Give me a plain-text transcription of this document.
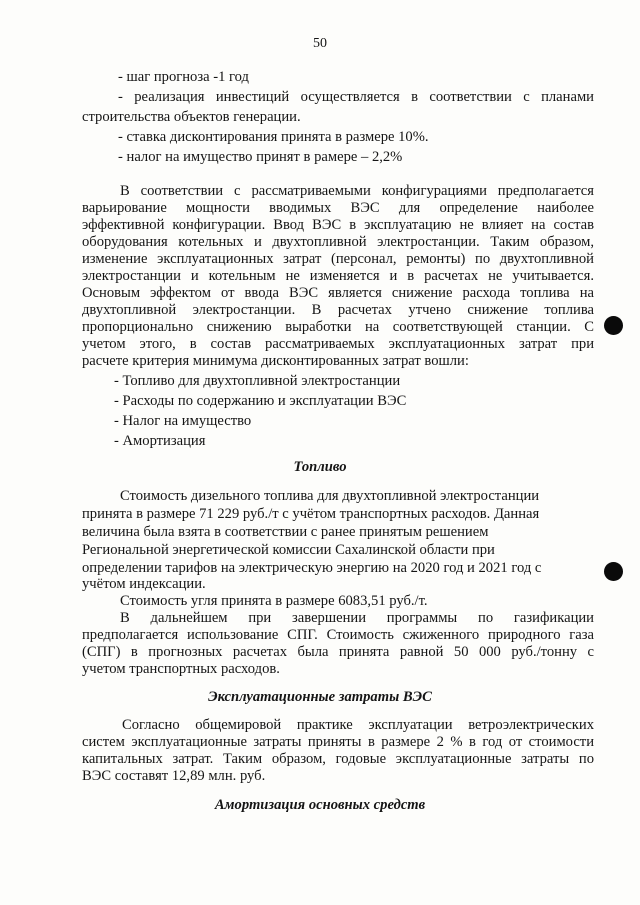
50
- шаг прогноза -1 год
- реализация инвестиций осуществляется в соответствии с планами
строительства объектов генерации.
- ставка дисконтирования принята в размере 10%.
- налог на имущество принят в рамере – 2,2%
В соответствии с рассматриваемыми конфигурациями предполагается
варьирование мощности вводимых ВЭС для определение наиболее
эффективной конфигурации. Ввод ВЭС в эксплуатацию не влияет на состав
оборудования котельных и двухтопливной электростанции. Таким образом,
изменение эксплуатационных затрат (персонал, ремонты) по двухтопливной
электростанции и котельным не изменяется и в расчетах не учитывается.
Основым эффектом от ввода ВЭС является снижение расхода топлива на
двухтопливной электростанции. В расчетах утчено снижение топлива
пропорционально снижению выработки на соответствующей станции. С
учетом этого, в состав рассматриваемых эксплуатационных затрат при
расчете критерия минимума дисконтированных затрат вошли:
- Топливо для двухтопливной электростанции
- Расходы по содержанию и эксплуатации ВЭС
- Налог на имущество
- Амортизация
Топливо
Стоимость дизельного топлива для двухтопливной электростанции
принята в размере 71 229 руб./т с учётом транспортных расходов. Данная
величина была взята в соответствии с ранее принятым решением
Региональной энергетической комиссии Сахалинской области при
определении тарифов на электрическую энергию на 2020 год и 2021 год с
учётом индексации.
Стоимость угля принята в размере 6083,51 руб./т.
В дальнейшем при завершении программы по газификации
предполагается использование СПГ. Стоимость сжиженного природного газа
(СПГ) в прогнозных расчетах была принята равной 50 000 руб./тонну с
учетом транспортных расходов.
Эксплуатационные затраты ВЭС
Согласно общемировой практике эксплуатации ветроэлектрических
систем эксплуатационные затраты приняты в размере 2 % в год от стоимости
капитальных затрат. Таким образом, годовые эксплуатационные затраты по
ВЭС составят 12,89 млн. руб.
Амортизация основных средств
